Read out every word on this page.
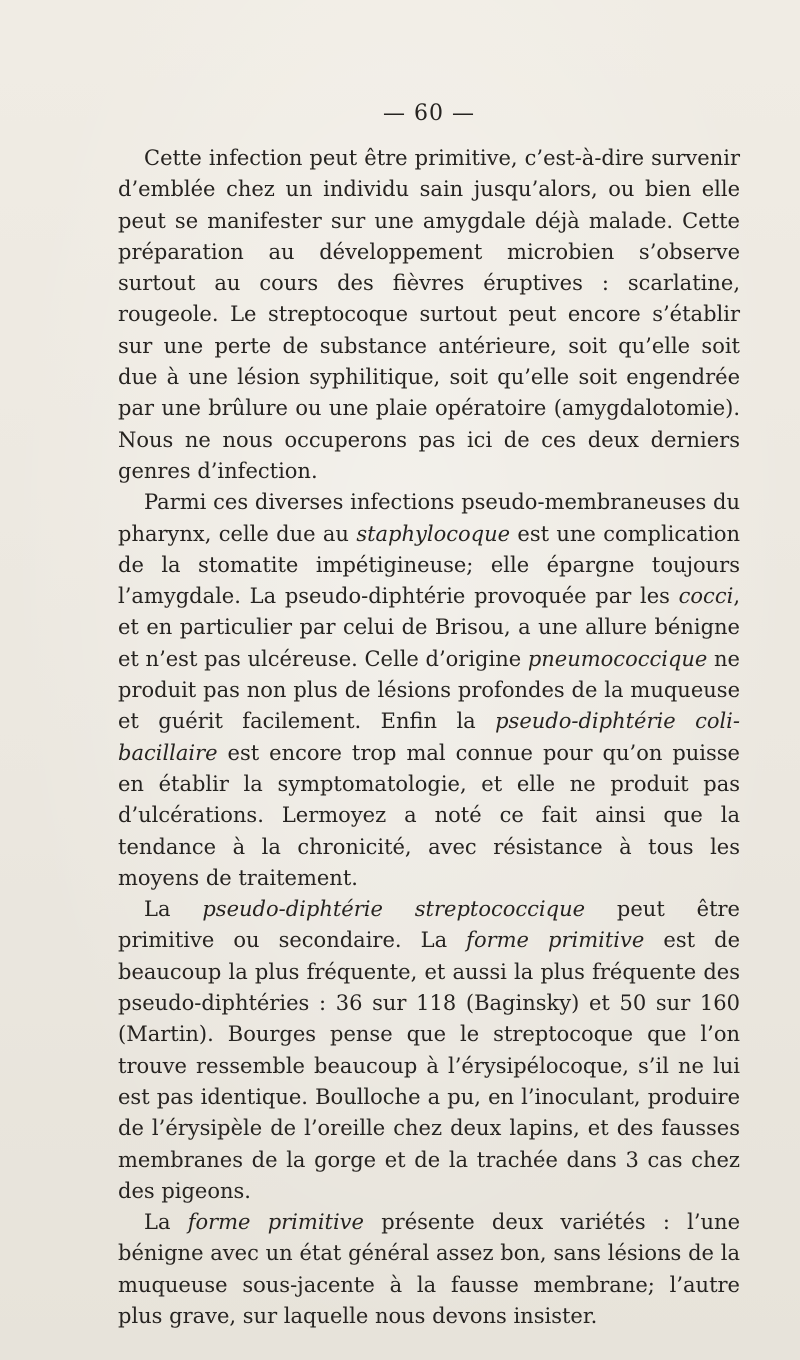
— 60 —

Cette infection peut être primitive, c’est-à-dire survenir d’emblée chez un individu sain jusqu’alors, ou bien elle peut se manifester sur une amygdale déjà malade. Cette préparation au développement microbien s’observe surtout au cours des fièvres éruptives : scarlatine, rougeole. Le streptocoque surtout peut encore s’établir sur une perte de substance antérieure, soit qu’elle soit due à une lésion syphilitique, soit qu’elle soit engendrée par une brûlure ou une plaie opératoire (amygdalotomie). Nous ne nous occuperons pas ici de ces deux derniers genres d’infection.

Parmi ces diverses infections pseudo-membraneuses du pharynx, celle due au staphylocoque est une complication de la stomatite impétigineuse; elle épargne toujours l’amygdale. La pseudo-diphtérie provoquée par les cocci, et en particulier par celui de Brisou, a une allure bénigne et n’est pas ulcéreuse. Celle d’origine pneumococcique ne produit pas non plus de lésions profondes de la muqueuse et guérit facilement. Enfin la pseudo-diphtérie coli-bacillaire est encore trop mal connue pour qu’on puisse en établir la symptomatologie, et elle ne produit pas d’ulcérations. Lermoyez a noté ce fait ainsi que la tendance à la chronicité, avec résistance à tous les moyens de traitement.

La pseudo-diphtérie streptococcique peut être primitive ou secondaire. La forme primitive est de beaucoup la plus fréquente, et aussi la plus fréquente des pseudo-diphtéries : 36 sur 118 (Baginsky) et 50 sur 160 (Martin). Bourges pense que le streptocoque que l’on trouve ressemble beaucoup à l’érysipélocoque, s’il ne lui est pas identique. Boulloche a pu, en l’inoculant, produire de l’érysipèle de l’oreille chez deux lapins, et des fausses membranes de la gorge et de la trachée dans 3 cas chez des pigeons.

La forme primitive présente deux variétés : l’une bénigne avec un état général assez bon, sans lésions de la muqueuse sous-jacente à la fausse membrane; l’autre plus grave, sur laquelle nous devons insister.
